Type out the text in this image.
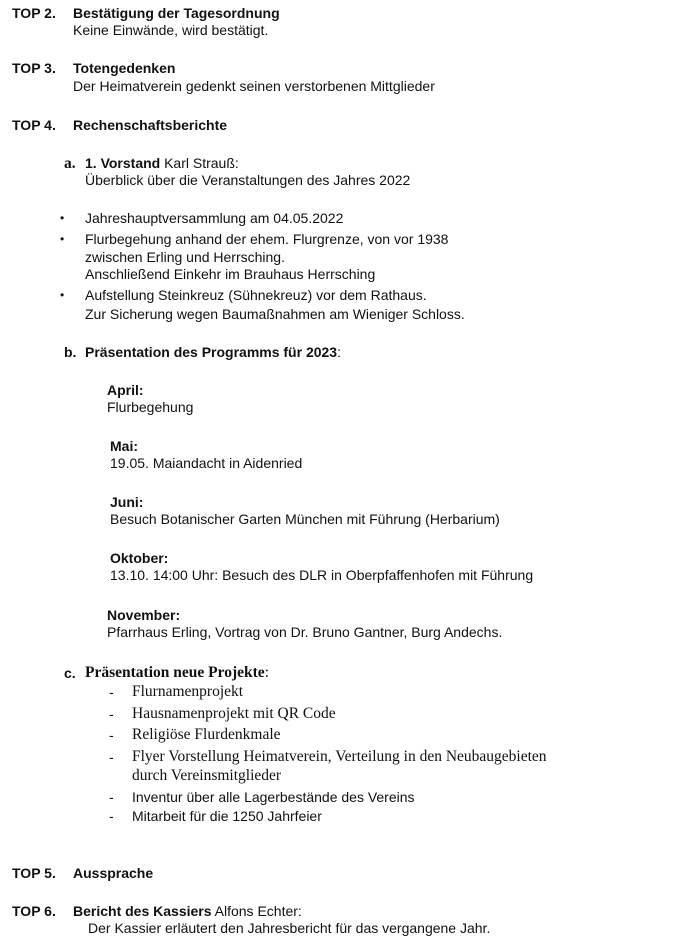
TOP 2. Bestätigung der Tagesordnung
Keine Einwände, wird bestätigt.
TOP 3. Totengedenken
Der Heimatverein gedenkt seinen verstorbenen Mittglieder
TOP 4. Rechenschaftsberichte
a. 1. Vorstand Karl Strauß:
Überblick über die Veranstaltungen des Jahres 2022
• Jahreshauptversammlung am 04.05.2022
• Flurbegehung anhand der ehem. Flurgrenze, von vor 1938
zwischen Erling und Herrsching.
Anschließend Einkehr im Brauhaus Herrsching
• Aufstellung Steinkreuz (Sühnekreuz) vor dem Rathaus.
Zur Sicherung wegen Baumaßnahmen am Wieniger Schloss.
b. Präsentation des Programms für 2023:
April:
Flurbegehung
Mai:
19.05. Maiandacht in Aidenried
Juni:
Besuch Botanischer Garten München mit Führung (Herbarium)
Oktober:
13.10. 14:00 Uhr: Besuch des DLR in Oberpfaffenhofen mit Führung
November:
Pfarrhaus Erling, Vortrag von Dr. Bruno Gantner, Burg Andechs.
c. Präsentation neue Projekte:
- Flurnamenprojekt
- Hausnamenprojekt mit QR Code
- Religiöse Flurdenkmale
- Flyer Vorstellung Heimatverein, Verteilung in den Neubaugebieten
durch Vereinsmitglieder
- Inventur über alle Lagerbestände des Vereins
- Mitarbeit für die 1250 Jahrfeier
TOP 5. Aussprache
TOP 6. Bericht des Kassiers Alfons Echter:
Der Kassier erläutert den Jahresbericht für das vergangene Jahr.
